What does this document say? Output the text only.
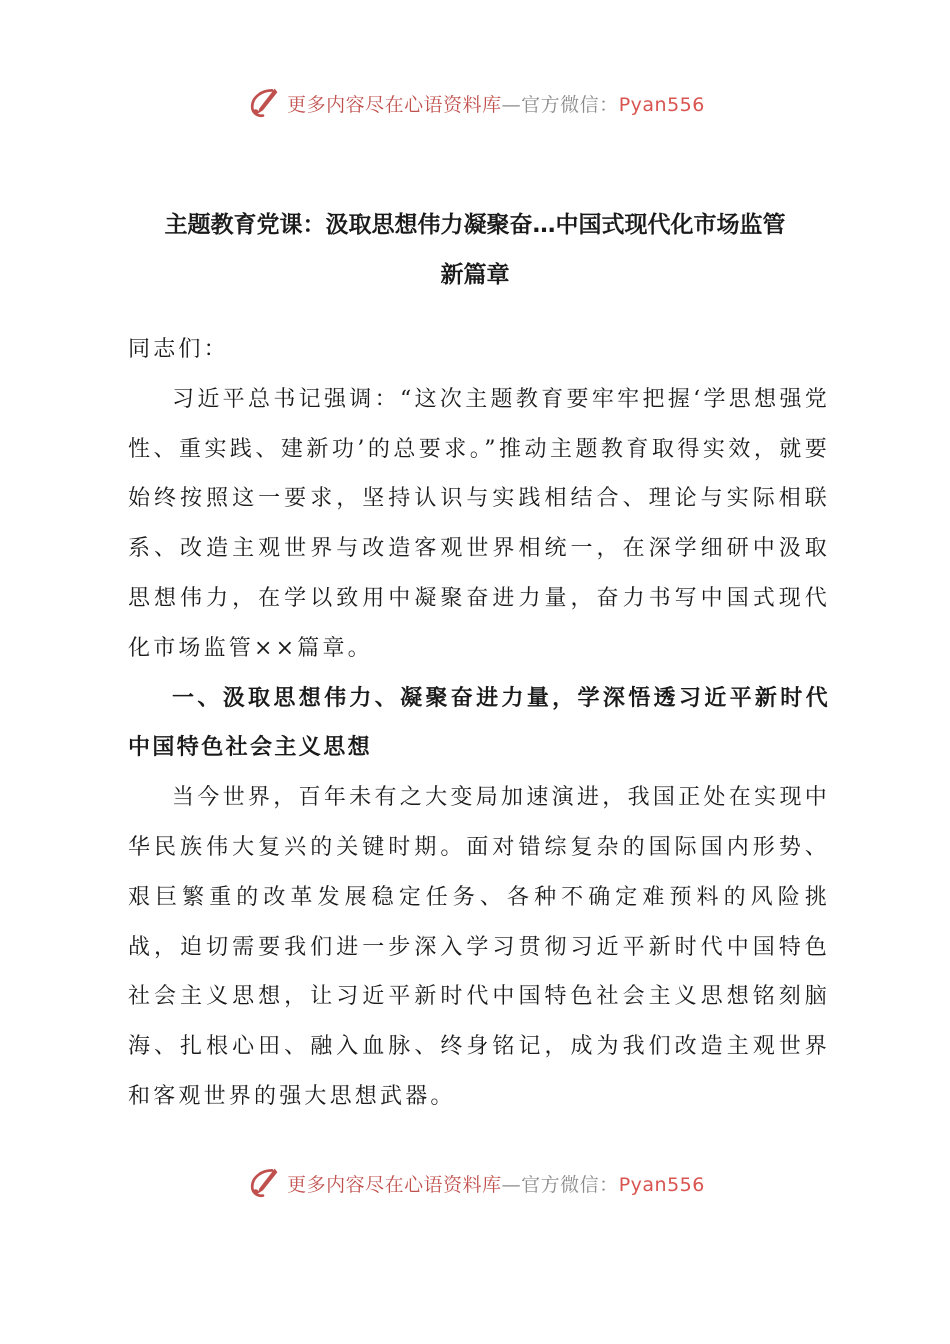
更多内容尽在心语资料库—官方微信：Pyan556
主题教育党课：汲取思想伟力凝聚奋…中国式现代化市场监管
新篇章

同志们：

习近平总书记强调：“这次主题教育要牢牢把握‘学思想强党性、重实践、建新功’的总要求。”推动主题教育取得实效，就要始终按照这一要求，坚持认识与实践相结合、理论与实际相联系、改造主观世界与改造客观世界相统一，在深学细研中汲取思想伟力，在学以致用中凝聚奋进力量，奋力书写中国式现代化市场监管××篇章。

一、汲取思想伟力、凝聚奋进力量，学深悟透习近平新时代中国特色社会主义思想

当今世界，百年未有之大变局加速演进，我国正处在实现中华民族伟大复兴的关键时期。面对错综复杂的国际国内形势、艰巨繁重的改革发展稳定任务、各种不确定难预料的风险挑战，迫切需要我们进一步深入学习贯彻习近平新时代中国特色社会主义思想，让习近平新时代中国特色社会主义思想铭刻脑海、扎根心田、融入血脉、终身铭记，成为我们改造主观世界和客观世界的强大思想武器。

更多内容尽在心语资料库—官方微信：Pyan556
